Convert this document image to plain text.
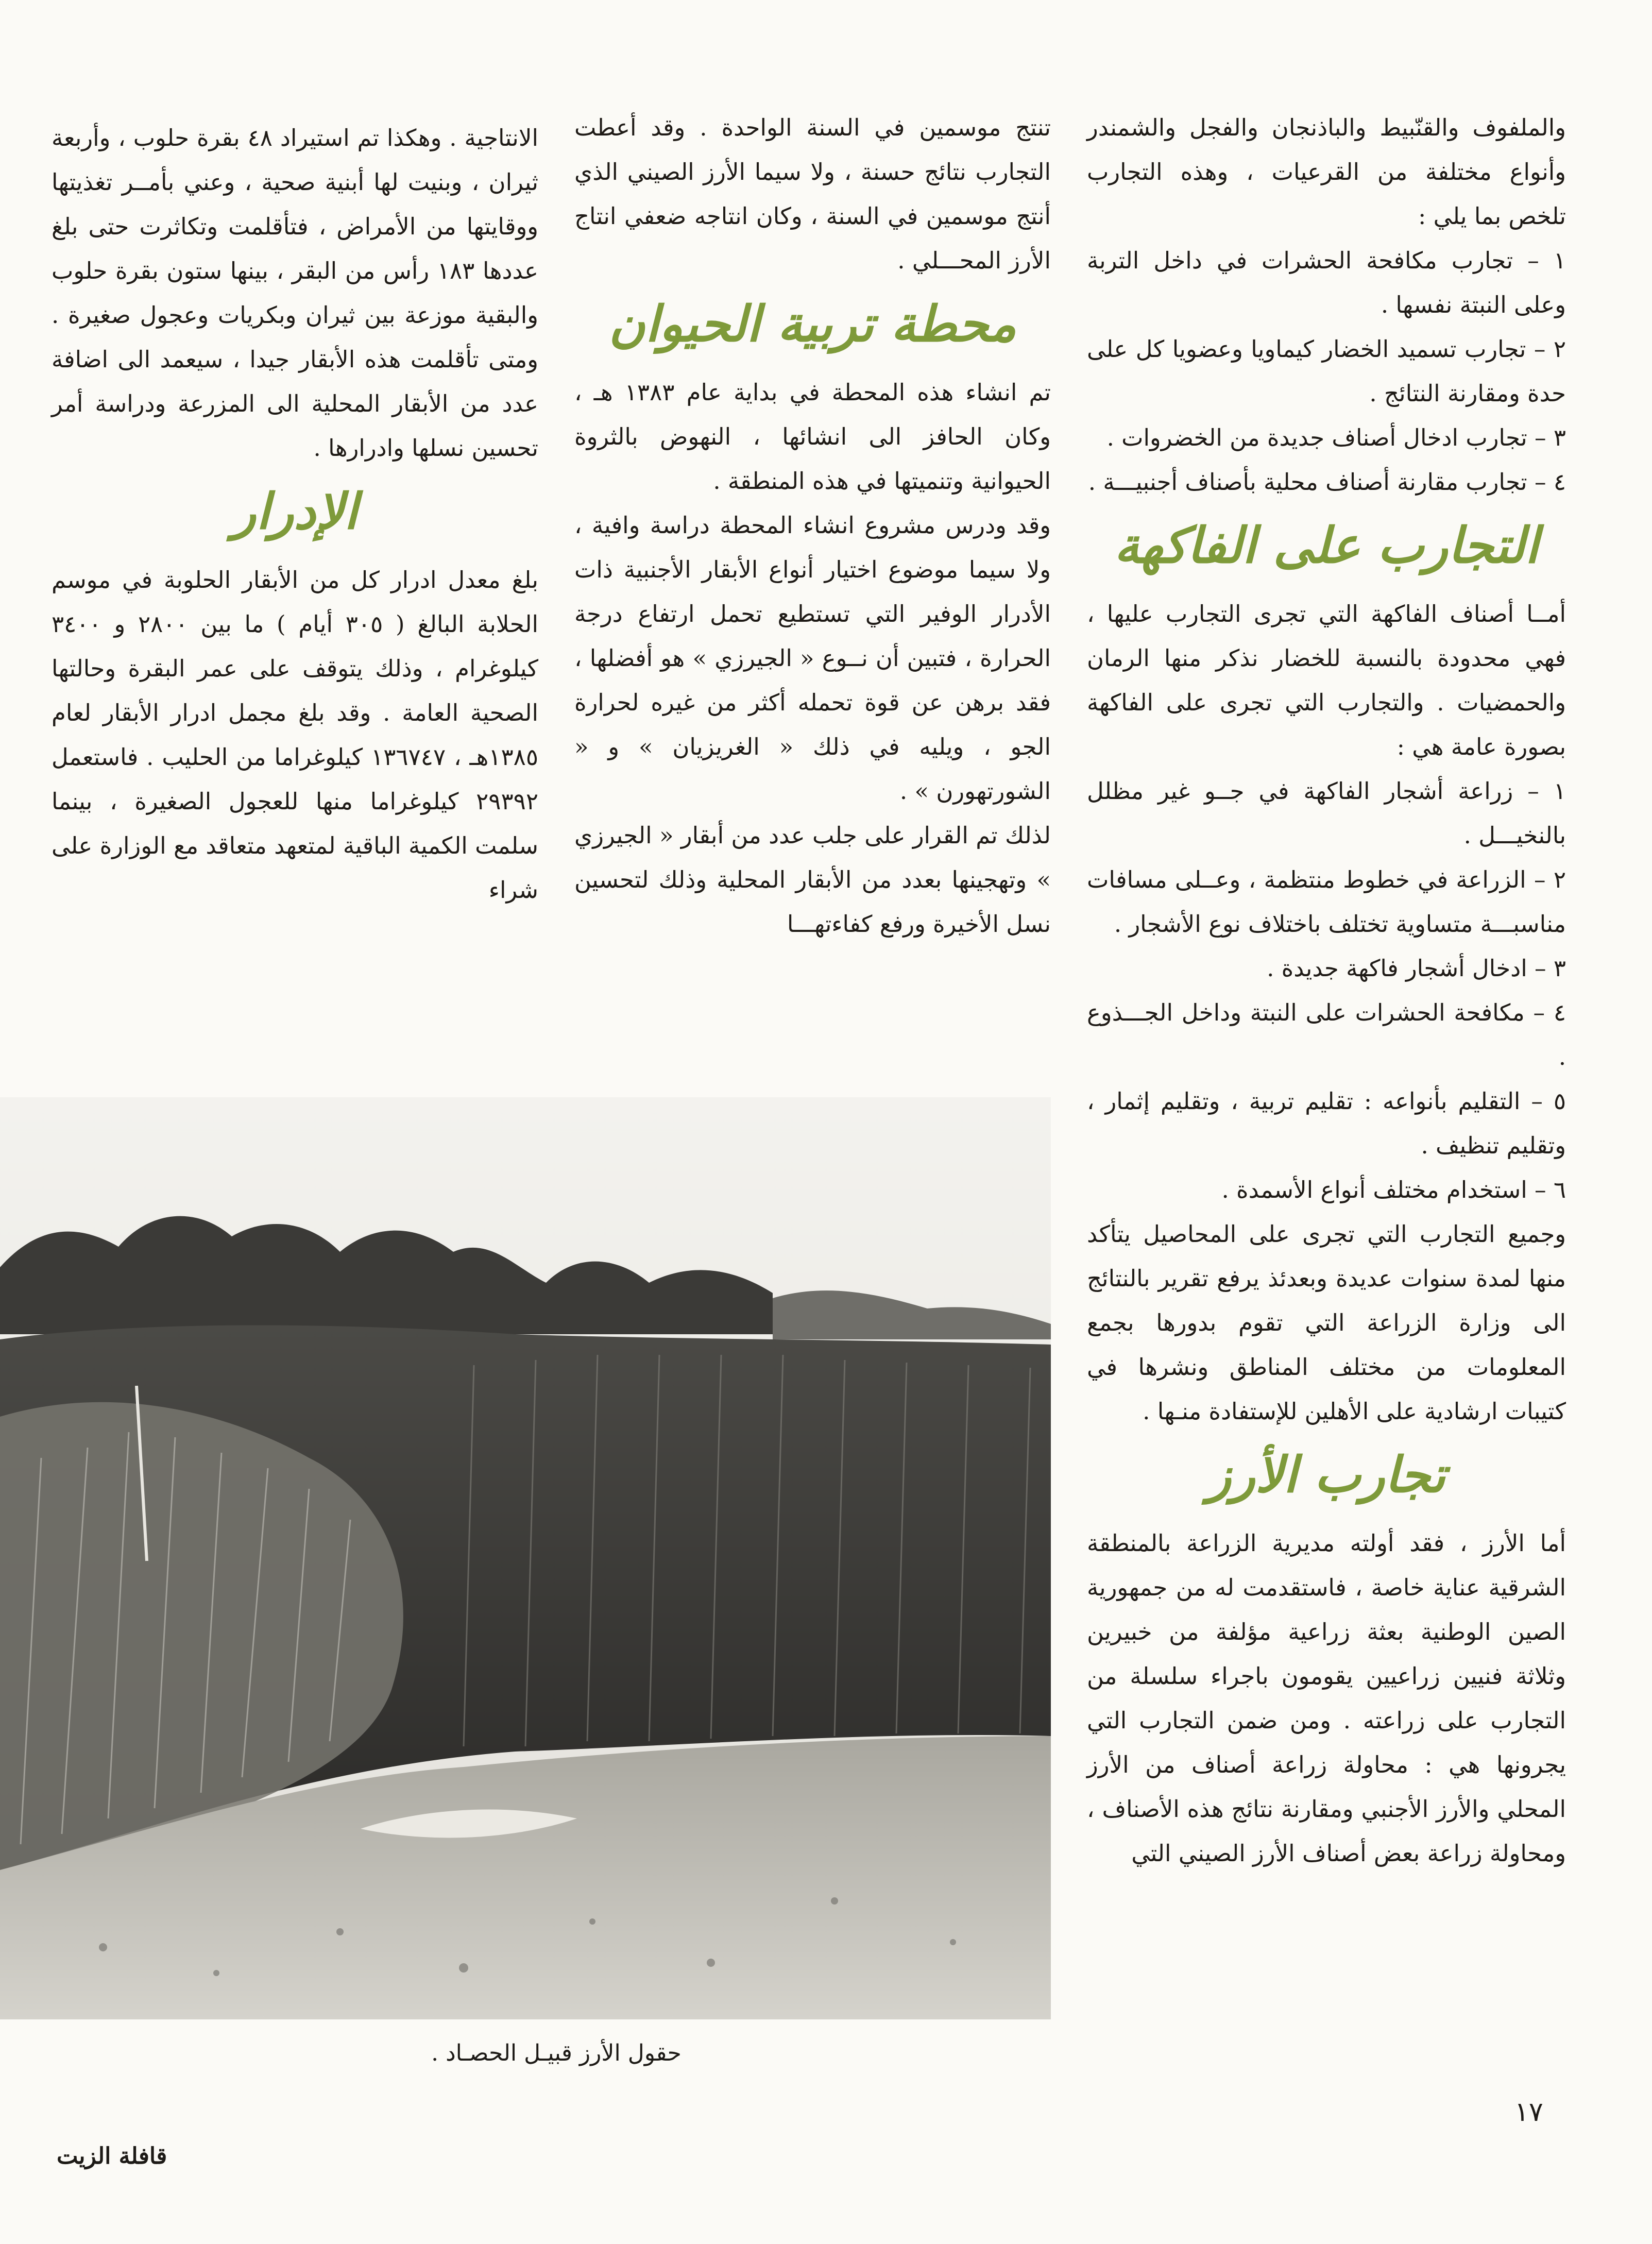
والملفوف والقنّبيط والباذنجان والفجل والشمندر وأنواع مختلفة من القرعيات ، وهذه التجارب تلخص بما يلي :

١ – تجارب مكافحة الحشرات في داخل التربة وعلى النبتة نفسها .

٢ – تجارب تسميد الخضار كيماويا وعضويا كل على حدة ومقارنة النتائج .

٣ – تجارب ادخال أصناف جديدة من الخضروات .

٤ – تجارب مقارنة أصناف محلية بأصناف أجنبيـــة .

التجارب على الفاكهة

أمــا أصناف الفاكهة التي تجرى التجارب عليها ، فهي محدودة بالنسبة للخضار نذكر منها الرمان والحمضيات . والتجارب التي تجرى على الفاكهة بصورة عامة هي :

١ – زراعة أشجار الفاكهة في جــو غير مظلل بالنخيـــل .

٢ – الزراعة في خطوط منتظمة ، وعــلى مسافات مناسبـــة متساوية تختلف باختلاف نوع الأشجار .

٣ – ادخال أشجار فاكهة جديدة .

٤ – مكافحة الحشرات على النبتة وداخل الجـــذوع .

٥ – التقليم بأنواعه : تقليم تربية ، وتقليم إثمار ، وتقليم تنظيف .

٦ – استخدام مختلف أنواع الأسمدة .

وجميع التجارب التي تجرى على المحاصيل يتأكد منها لمدة سنوات عديدة وبعدئذ يرفع تقرير بالنتائج الى وزارة الزراعة التي تقوم بدورها بجمع المعلومات من مختلف المناطق ونشرها في كتيبات ارشادية على الأهلين للإستفادة منـها .

تجارب الأرز

أما الأرز ، فقد أولته مديرية الزراعة بالمنطقة الشرقية عناية خاصة ، فاستقدمت له من جمهورية الصين الوطنية بعثة زراعية مؤلفة من خبيرين وثلاثة فنيين زراعيين يقومون باجراء سلسلة من التجارب على زراعته . ومن ضمن التجارب التي يجرونها هي : محاولة زراعة أصناف من الأرز المحلي والأرز الأجنبي ومقارنة نتائج هذه الأصناف ، ومحاولة زراعة بعض أصناف الأرز الصيني التي

تنتج موسمين في السنة الواحدة . وقد أعطت التجارب نتائج حسنة ، ولا سيما الأرز الصيني الذي أنتج موسمين في السنة ، وكان انتاجه ضعفي انتاج الأرز المحـــلي .

محطة تربية الحيوان

تم انشاء هذه المحطة في بداية عام ١٣٨٣ هـ ، وكان الحافز الى انشائها ، النهوض بالثروة الحيوانية وتنميتها في هذه المنطقة .

وقد ودرس مشروع انشاء المحطة دراسة وافية ، ولا سيما موضوع اختيار أنواع الأبقار الأجنبية ذات الأدرار الوفير التي تستطيع تحمل ارتفاع درجة الحرارة ، فتبين أن نــوع « الجيرزي » هو أفضلها ، فقد برهن عن قوة تحمله أكثر من غيره لحرارة الجو ، ويليه في ذلك « الغريزيان » و « الشورتهورن » .

لذلك تم القرار على جلب عدد من أبقار « الجيرزي » وتهجينها بعدد من الأبقار المحلية وذلك لتحسين نسل الأخيرة ورفع كفاءتهـــا

الانتاجية . وهكذا تم استيراد ٤٨ بقرة حلوب ، وأربعة ثيران ، وبنيت لها أبنية صحية ، وعني بأمــر تغذيتها ووقايتها من الأمراض ، فتأقلمت وتكاثرت حتى بلغ عددها ١٨٣ رأس من البقر ، بينها ستون بقرة حلوب والبقية موزعة بين ثيران وبكريات وعجول صغيرة . ومتى تأقلمت هذه الأبقار جيدا ، سيعمد الى اضافة عدد من الأبقار المحلية الى المزرعة ودراسة أمر تحسين نسلها وادرارها .

الإدرار

بلغ معدل ادرار كل من الأبقار الحلوبة في موسم الحلابة البالغ ( ٣٠٥ أيام ) ما بين ٢٨٠٠ و ٣٤٠٠ كيلوغرام ، وذلك يتوقف على عمر البقرة وحالتها الصحية العامة . وقد بلغ مجمل ادرار الأبقار لعام ١٣٨٥هـ ، ١٣٦٧٤٧ كيلوغراما من الحليب . فاستعمل ٢٩٣٩٢ كيلوغراما منها للعجول الصغيرة ، بينما سلمت الكمية الباقية لمتعهد متعاقد مع الوزارة على شراء

حقول الأرز قبيـل الحصـاد .
١٧
قافلة الزيت
